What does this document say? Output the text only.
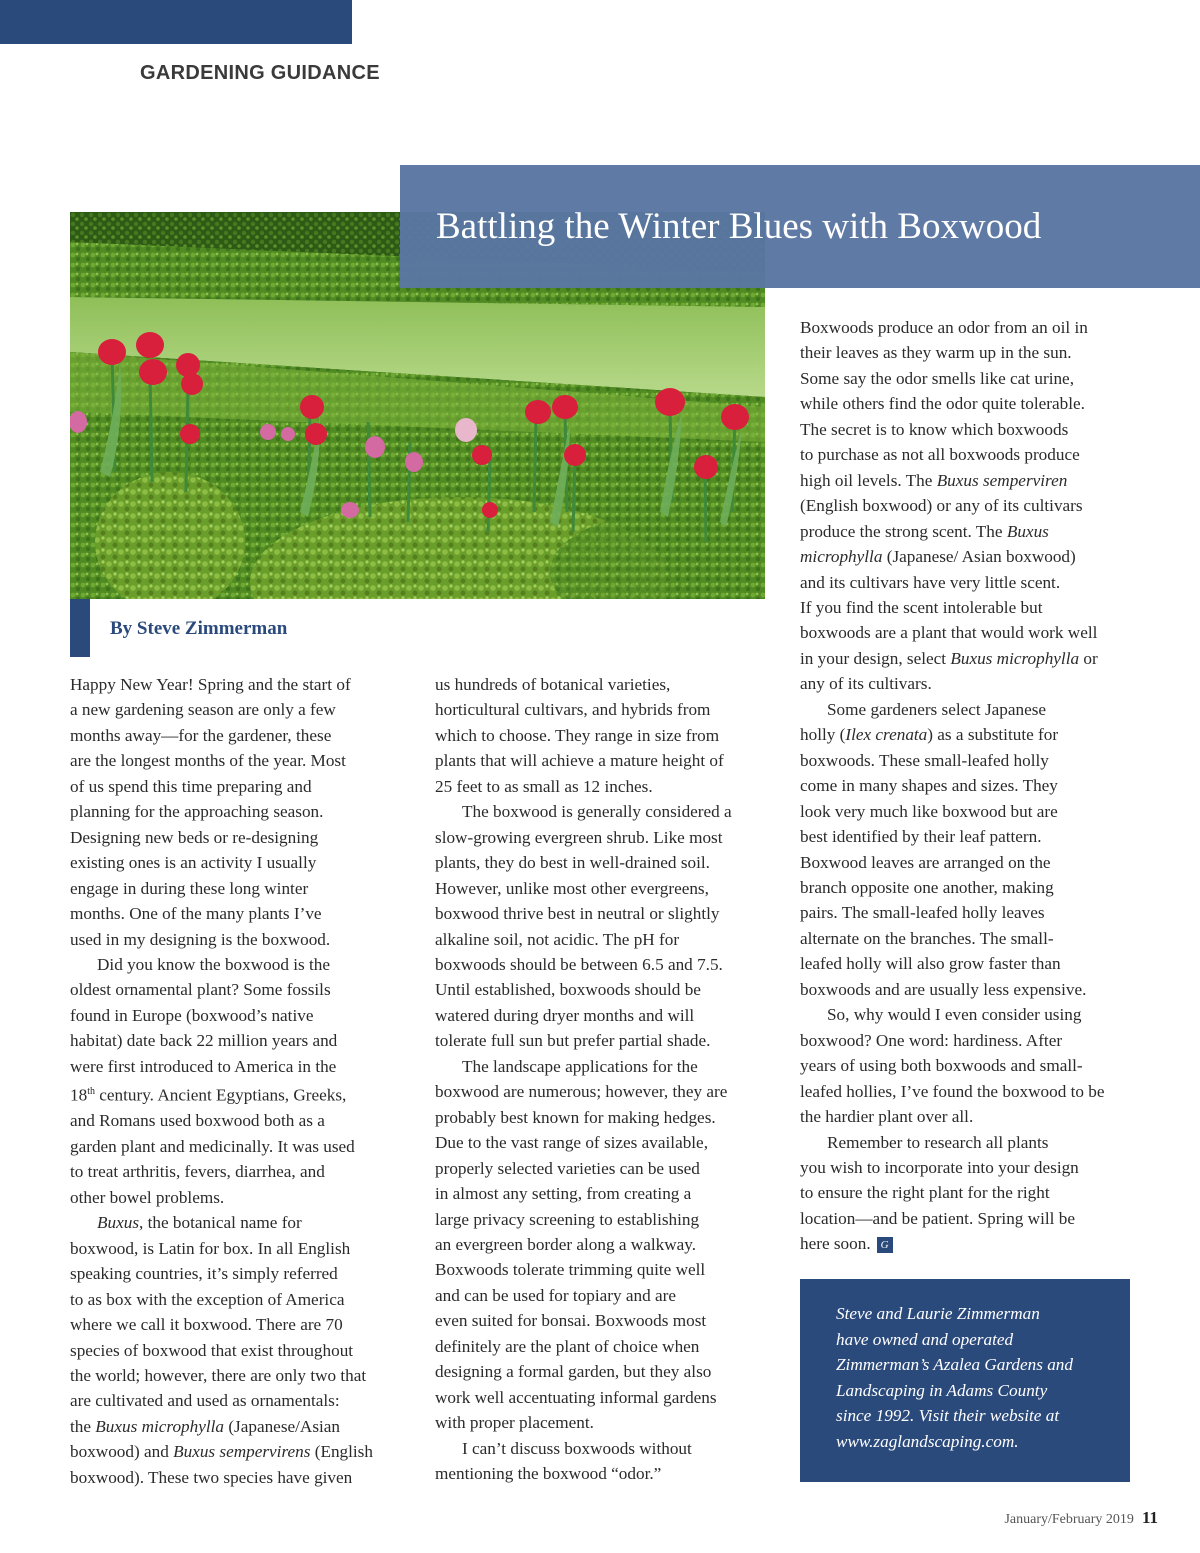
GARDENING GUIDANCE
Battling the Winter Blues with Boxwood
By Steve Zimmerman

Happy New Year! Spring and the start of

a new gardening season are only a few

months away—for the gardener, these

are the longest months of the year. Most

of us spend this time preparing and

planning for the approaching season.

Designing new beds or re-designing

existing ones is an activity I usually

engage in during these long winter

months. One of the many plants I’ve

used in my designing is the boxwood.

Did you know the boxwood is the

oldest ornamental plant? Some fossils

found in Europe (boxwood’s native

habitat) date back 22 million years and

were first introduced to America in the

18th century. Ancient Egyptians, Greeks,

and Romans used boxwood both as a

garden plant and medicinally. It was used

to treat arthritis, fevers, diarrhea, and

other bowel problems.

Buxus, the botanical name for

boxwood, is Latin for box. In all English

speaking countries, it’s simply referred

to as box with the exception of America

where we call it boxwood. There are 70

species of boxwood that exist throughout

the world; however, there are only two that

are cultivated and used as ornamentals:

the Buxus microphylla (Japanese/Asian

boxwood) and Buxus sempervirens (English

boxwood). These two species have given

us hundreds of botanical varieties,

horticultural cultivars, and hybrids from

which to choose. They range in size from

plants that will achieve a mature height of

25 feet to as small as 12 inches.

The boxwood is generally considered a

slow-growing evergreen shrub. Like most

plants, they do best in well-drained soil.

However, unlike most other evergreens,

boxwood thrive best in neutral or slightly

alkaline soil, not acidic. The pH for

boxwoods should be between 6.5 and 7.5.

Until established, boxwoods should be

watered during dryer months and will

tolerate full sun but prefer partial shade.

The landscape applications for the

boxwood are numerous; however, they are

probably best known for making hedges.

Due to the vast range of sizes available,

properly selected varieties can be used

in almost any setting, from creating a

large privacy screening to establishing

an evergreen border along a walkway.

Boxwoods tolerate trimming quite well

and can be used for topiary and are

even suited for bonsai. Boxwoods most

definitely are the plant of choice when

designing a formal garden, but they also

work well accentuating informal gardens

with proper placement.

I can’t discuss boxwoods without

mentioning the boxwood “odor.”

Boxwoods produce an odor from an oil in

their leaves as they warm up in the sun.

Some say the odor smells like cat urine,

while others find the odor quite tolerable.

The secret is to know which boxwoods

to purchase as not all boxwoods produce

high oil levels. The Buxus semperviren

(English boxwood) or any of its cultivars

produce the strong scent. The Buxus

microphylla (Japanese/ Asian boxwood)

and its cultivars have very little scent.

If you find the scent intolerable but

boxwoods are a plant that would work well

in your design, select Buxus microphylla or

any of its cultivars.

Some gardeners select Japanese

holly (Ilex crenata) as a substitute for

boxwoods. These small-leafed holly

come in many shapes and sizes. They

look very much like boxwood but are

best identified by their leaf pattern.

Boxwood leaves are arranged on the

branch opposite one another, making

pairs. The small-leafed holly leaves

alternate on the branches. The small-

leafed holly will also grow faster than

boxwoods and are usually less expensive.

So, why would I even consider using

boxwood? One word: hardiness. After

years of using both boxwoods and small-

leafed hollies, I’ve found the boxwood to be

the hardier plant over all.

Remember to research all plants

you wish to incorporate into your design

to ensure the right plant for the right

location—and be patient. Spring will be

here soon. G

Steve and Laurie Zimmerman

have owned and operated

Zimmerman’s Azalea Gardens and

Landscaping in Adams County

since 1992. Visit their website at

www.zaglandscaping.com.

January/February 2019 11
